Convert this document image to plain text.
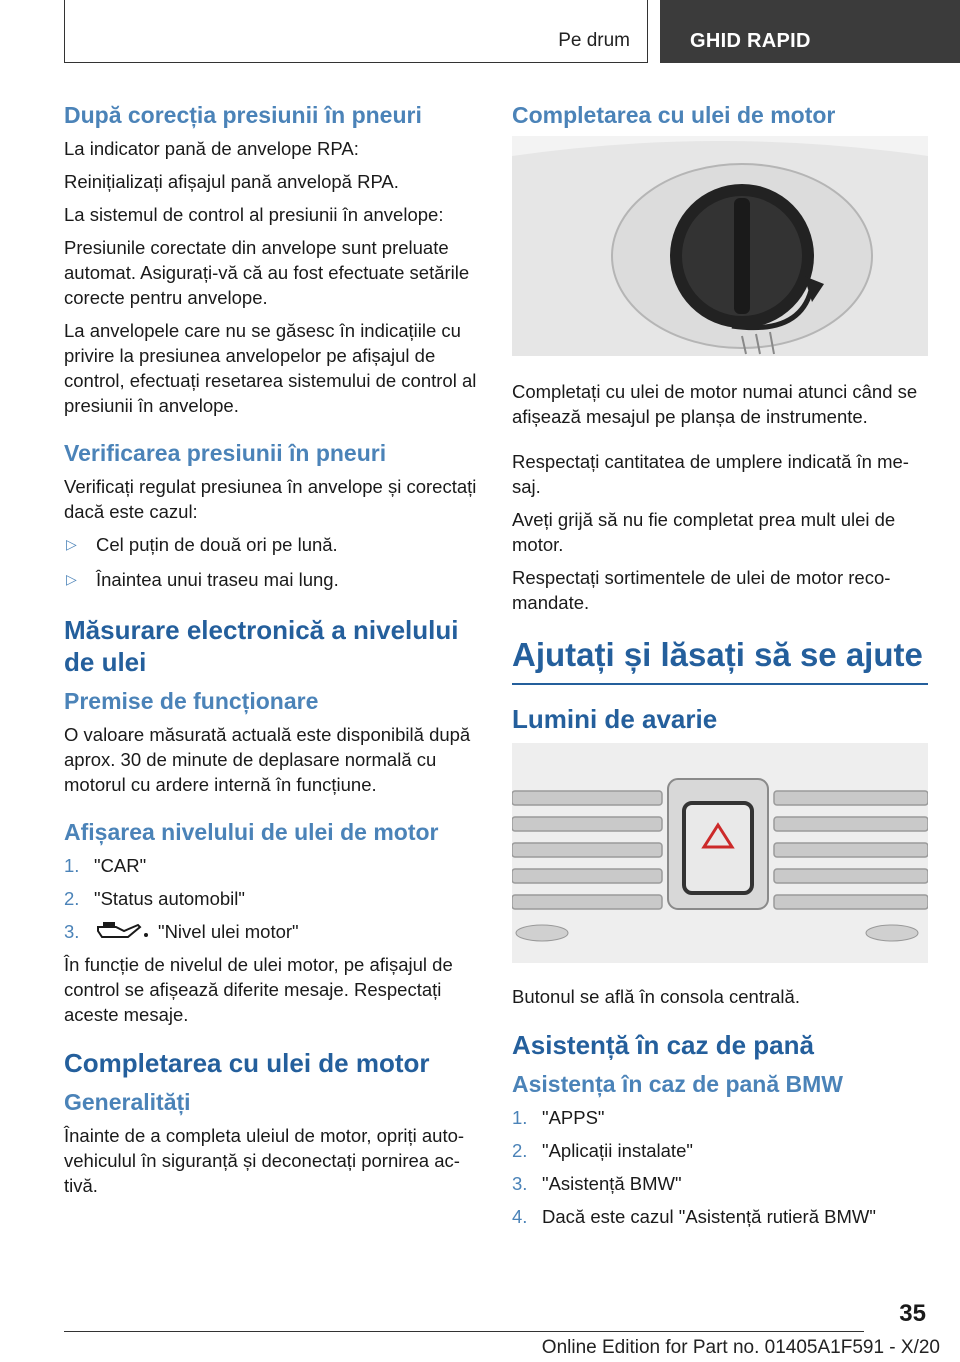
Pe drum	GHID RAPID
După corecția presiunii în pneuri

La indicator pană de anvelope RPA:

Reinițializați afișajul pană anvelopă RPA.

La sistemul de control al presiunii în anvelope:

Presiunile corectate din anvelope sunt preluate automat. Asigurați-vă că au fost efectuate setările corecte pentru anvelope.

La anvelopele care nu se găsesc în indicațiile cu privire la presiunea anvelopelor pe afișajul de control, efectuați resetarea sistemului de control al presiunii în anvelope.

Verificarea presiunii în pneuri

Verificați regulat presiunea în anvelope și corectați dacă este cazul:

▷	Cel puțin de două ori pe lună.
▷	Înaintea unui traseu mai lung.
Măsurare electronică a nivelului de ulei
Premise de funcționare

O valoare măsurată actuală este disponibilă după aprox. 30 de minute de deplasare normală cu motorul cu ardere internă în funcțiune.

Afișarea nivelului de ulei de motor
1. "CAR"
2. "Status automobil"
3.	"Nivel ulei motor"

În funcție de nivelul de ulei motor, pe afișajul de control se afișează diferite mesaje. Respectați aceste mesaje.

Completarea cu ulei de motor
Generalități

Înainte de a completa uleiul de motor, opriți autovehiculul în siguranță și deconectați pornirea activă.

Completarea cu ulei de motor

Completați cu ulei de motor numai atunci când se afișează mesajul pe planșa de instrumente.

Respectați cantitatea de umplere indicată în mesaj.

Aveți grijă să nu fie completat prea mult ulei de motor.

Respectați sortimentele de ulei de motor recomandate.

Ajutați și lăsați să se ajute
Lumini de avarie

Butonul se află în consola centrală.

Asistență în caz de pană
Asistența în caz de pană BMW
1. "APPS"
2. "Aplicații instalate"
3. "Asistență BMW"
4. Dacă este cazul "Asistență rutieră BMW"
35
Online Edition for Part no. 01405A1F591 - X/20
